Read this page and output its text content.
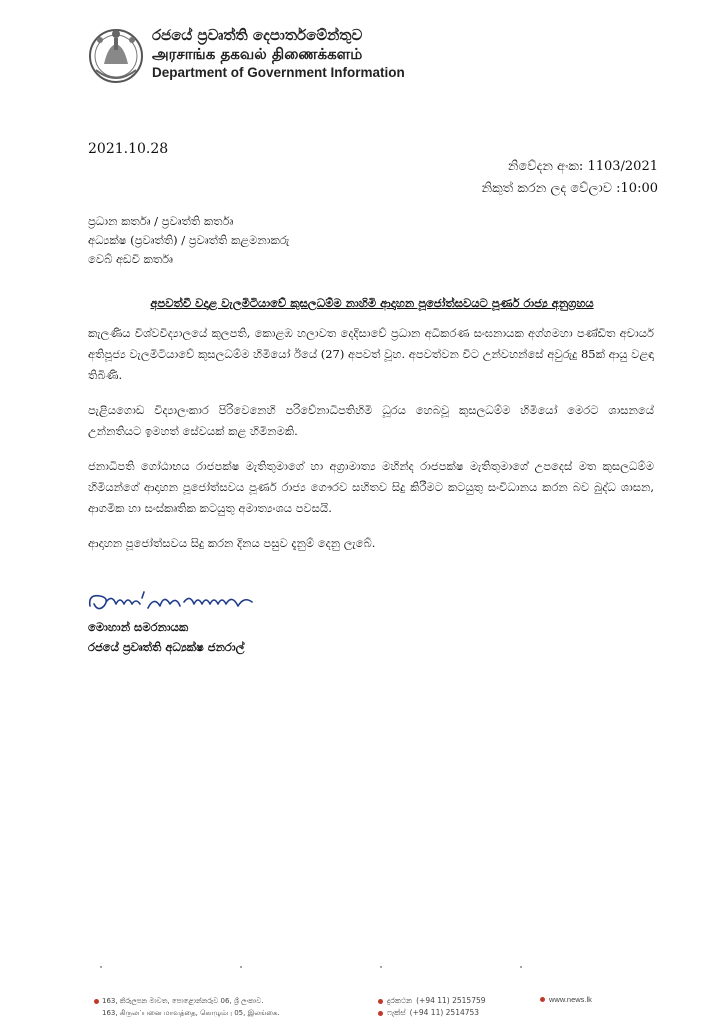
රජයේ ප්‍රවෘත්ති දෙපාර්තමේන්තුව
அரசாங்க தகவல் திணைக்களம்
Department of Government Information
2021.10.28
නිවේදන අංක: 1103/2021
නිකුත් කරන ලද වේලාව :10:00
ප්‍රධාන කර්තෘ / ප්‍රවෘත්ති කර්තෘ
අධ්‍යක්ෂ (ප්‍රවෘත්ති) / ප්‍රවෘත්ති කළමනාකරු
වෙබ් අඩවි කර්තෘ
අපවත්වී වදාළ වැලමිටියාවේ කුසලධම්ම නාහිමි ආදාහන පූජෝත්සවයට පූර්ණ රාජ්‍ය අනුග්‍රහය

කැලණිය විශ්වවිද්‍යාලයේ කුලපති, කොළඹ හලාවත දෙදිසාවේ ප්‍රධාන අධිකරණ සංඝනායක අග්ගමහා පණ්ඩිත අචාර්ය අතිපූජ්‍ය වැලමිටියාවේ කුසලධම්ම හිමියෝ ඊයේ (27) අපවත් වූහ. අපවත්වන විට උන්වහන්සේ අවුරුදු 85ක් ආයු වළඳා තිබිණි.

පැළියගොඩ විද්‍යාලංකාර පිරිවෙනෙහි පරිවේනාධිපතිහිමි ධූරය හෙබවූ කුසලධම්ම හිමියෝ මෙරට ශාසනයේ උන්නතියට ඉමහත් සේවයක් කළ හිමිනමකි.

ජනාධිපති ගෝඨාභය රාජපක්ෂ මැතිතුමාගේ හා අග්‍රාමාත්‍ය මහින්ද රාජපක්ෂ මැතිතුමාගේ උපදෙස් මත කුසලධම්ම හිමියන්ගේ ආදාහන පූජෝත්සවය පූර්ණ රාජ්‍ය ගෞරව සහිතව සිදු කිරීමට කටයුතු සංවිධානය කරන බව බුද්ධ ශාසන, ආගමික හා සංස්කෘතික කටයුතු අමාත්‍යංශය පවසයි.

ආදාහන පූජෝත්සවය සිදු කරන දිනය පසුව දැනුම් දෙනු ලැබේ.

මොහාන් සමරනායක
රජයේ ප්‍රවෘත්ති අධ්‍යක්ෂ ජනරාල්
163, කිරුලපන මාවත, පොළොන්නරුව 06, ශ්‍රී ලංකාව.
163, கிருலப்பனை மாவத்தை, கொழும்பு 05, இலங்கை.
දුරකථන (+94 11) 2515759
ෆැක්ස් (+94 11) 2514753
www.news.lk
